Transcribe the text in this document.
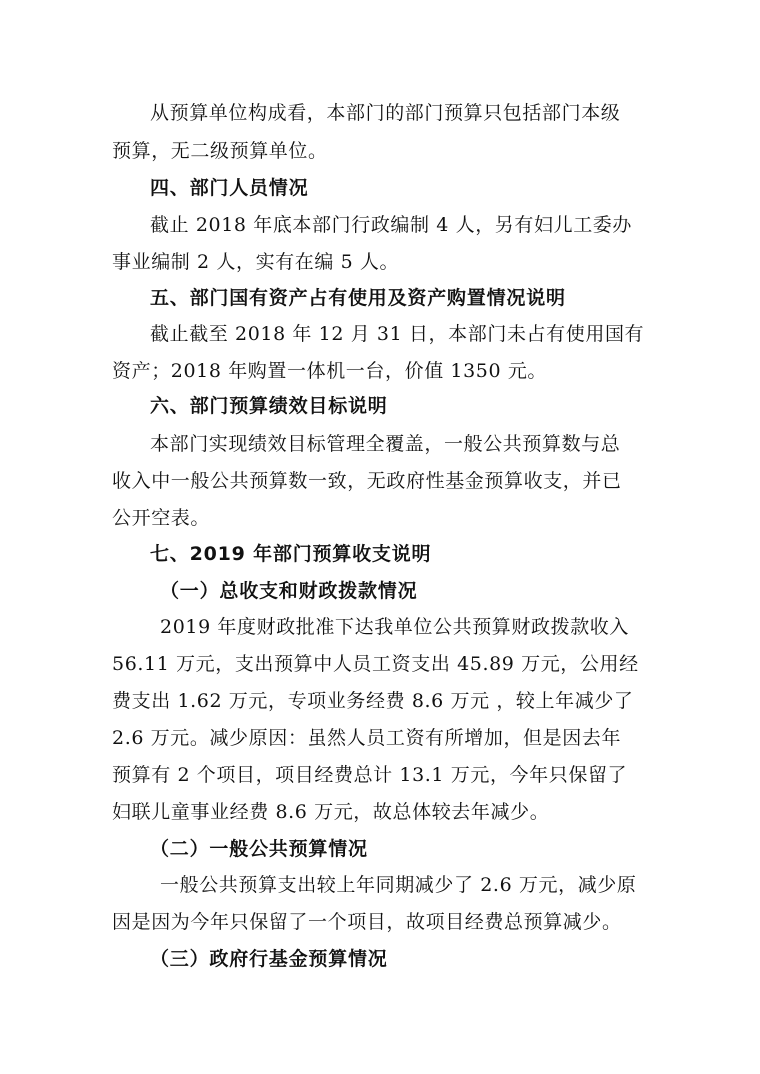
从预算单位构成看，本部门的部门预算只包括部门本级
预算，无二级预算单位。
四、部门人员情况
截止 2018 年底本部门行政编制 4 人，另有妇儿工委办
事业编制 2 人，实有在编 5 人。
五、部门国有资产占有使用及资产购置情况说明
截止截至 2018 年 12 月 31 日，本部门未占有使用国有
资产；2018 年购置一体机一台，价值 1350 元。
六、部门预算绩效目标说明
本部门实现绩效目标管理全覆盖，一般公共预算数与总
收入中一般公共预算数一致，无政府性基金预算收支，并已
公开空表。
七、2019 年部门预算收支说明
（一）总收支和财政拨款情况
2019 年度财政批准下达我单位公共预算财政拨款收入
56.11 万元，支出预算中人员工资支出 45.89 万元，公用经
费支出 1.62 万元，专项业务经费 8.6 万元 ，较上年减少了
2.6 万元。减少原因：虽然人员工资有所增加，但是因去年
预算有 2 个项目，项目经费总计 13.1 万元，今年只保留了
妇联儿童事业经费 8.6 万元，故总体较去年减少。
（二）一般公共预算情况
一般公共预算支出较上年同期减少了 2.6 万元，减少原
因是因为今年只保留了一个项目，故项目经费总预算减少。
（三）政府行基金预算情况
